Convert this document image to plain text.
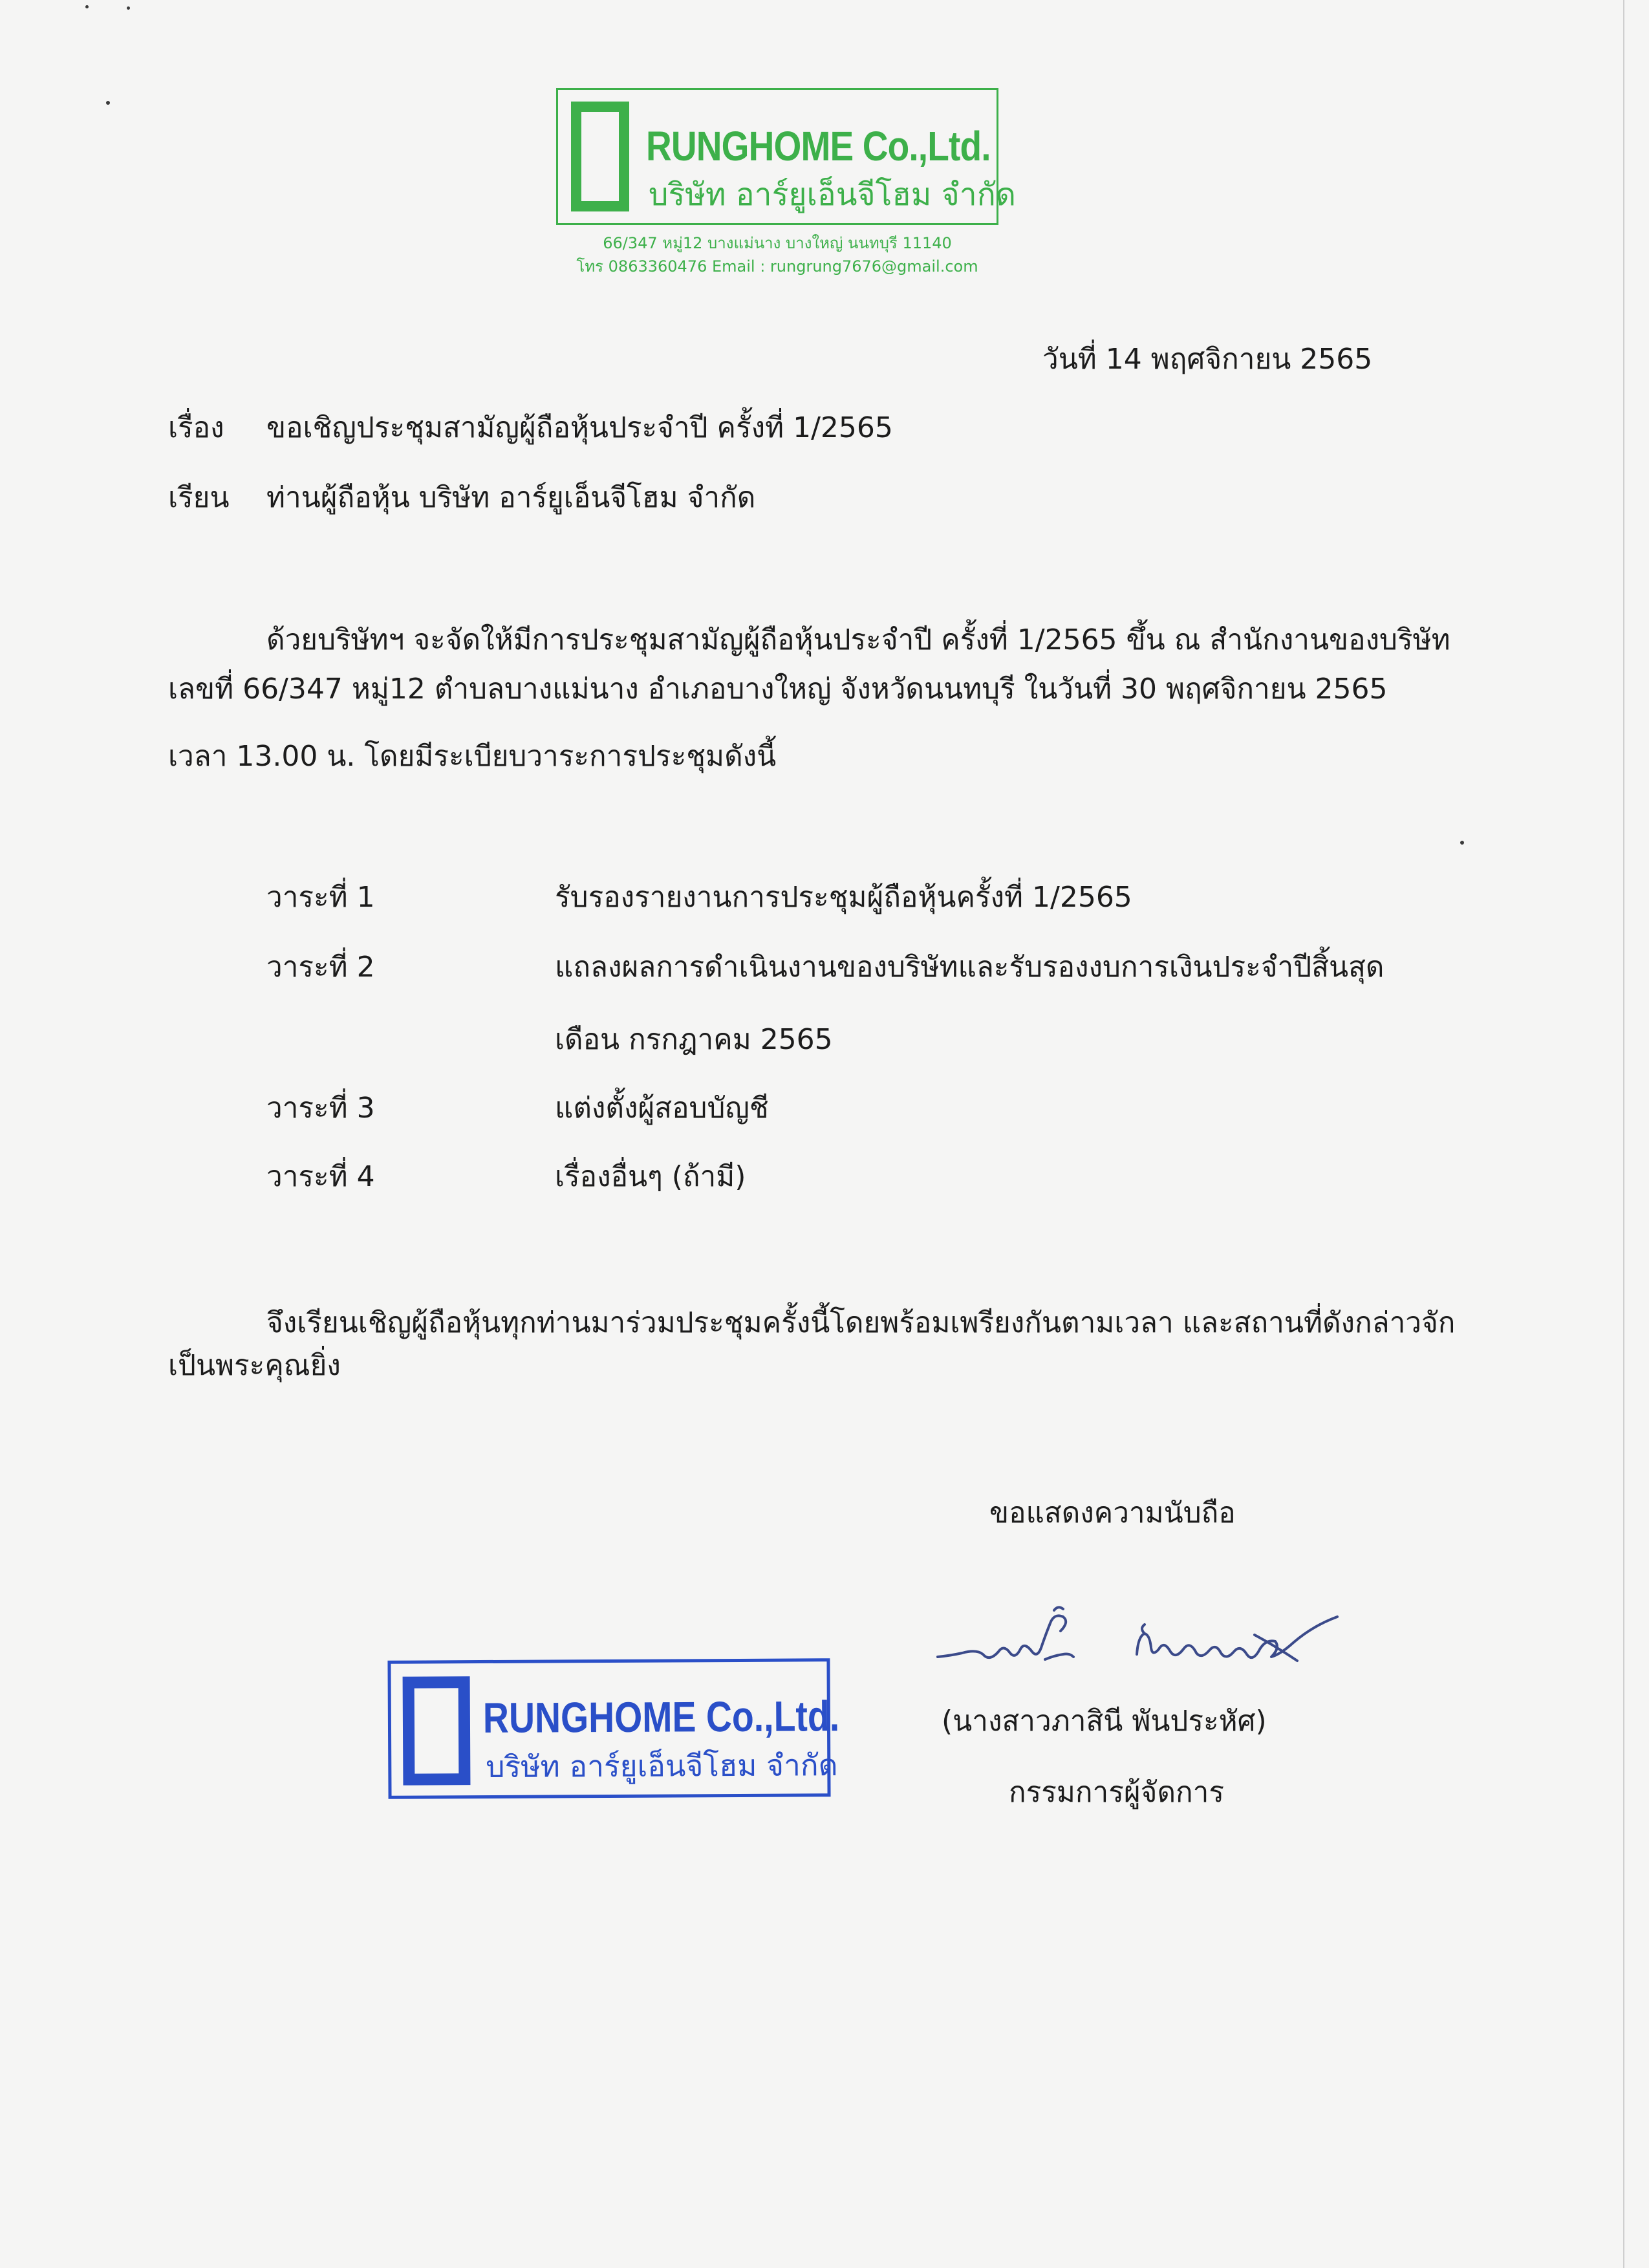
RUNGHOME Co.,Ltd.
บริษัท อาร์ยูเอ็นจีโฮม จำกัด
66/347 หมู่12 บางแม่นาง บางใหญ่ นนทบุรี 11140
โทร 0863360476 Email : rungrung7676@gmail.com
วันที่ 14 พฤศจิกายน 2565
เรื่อง ขอเชิญประชุมสามัญผู้ถือหุ้นประจำปี ครั้งที่ 1/2565
เรียน ท่านผู้ถือหุ้น บริษัท อาร์ยูเอ็นจีโฮม จำกัด
ด้วยบริษัทฯ จะจัดให้มีการประชุมสามัญผู้ถือหุ้นประจำปี ครั้งที่ 1/2565 ขึ้น ณ สำนักงานของบริษัท
เลขที่ 66/347 หมู่12 ตำบลบางแม่นาง อำเภอบางใหญ่ จังหวัดนนทบุรี ในวันที่ 30 พฤศจิกายน 2565
เวลา 13.00 น. โดยมีระเบียบวาระการประชุมดังนี้
วาระที่ 1	รับรองรายงานการประชุมผู้ถือหุ้นครั้งที่ 1/2565
วาระที่ 2	แถลงผลการดำเนินงานของบริษัทและรับรองงบการเงินประจำปีสิ้นสุด
เดือน กรกฎาคม 2565
วาระที่ 3	แต่งตั้งผู้สอบบัญชี
วาระที่ 4	เรื่องอื่นๆ (ถ้ามี)
จึงเรียนเชิญผู้ถือหุ้นทุกท่านมาร่วมประชุมครั้งนี้โดยพร้อมเพรียงกันตามเวลา และสถานที่ดังกล่าวจัก
เป็นพระคุณยิ่ง
ขอแสดงความนับถือ
RUNGHOME Co.,Ltd.
บริษัท อาร์ยูเอ็นจีโฮม จำกัด
(นางสาวภาสินี พันประหัศ)
กรรมการผู้จัดการ
